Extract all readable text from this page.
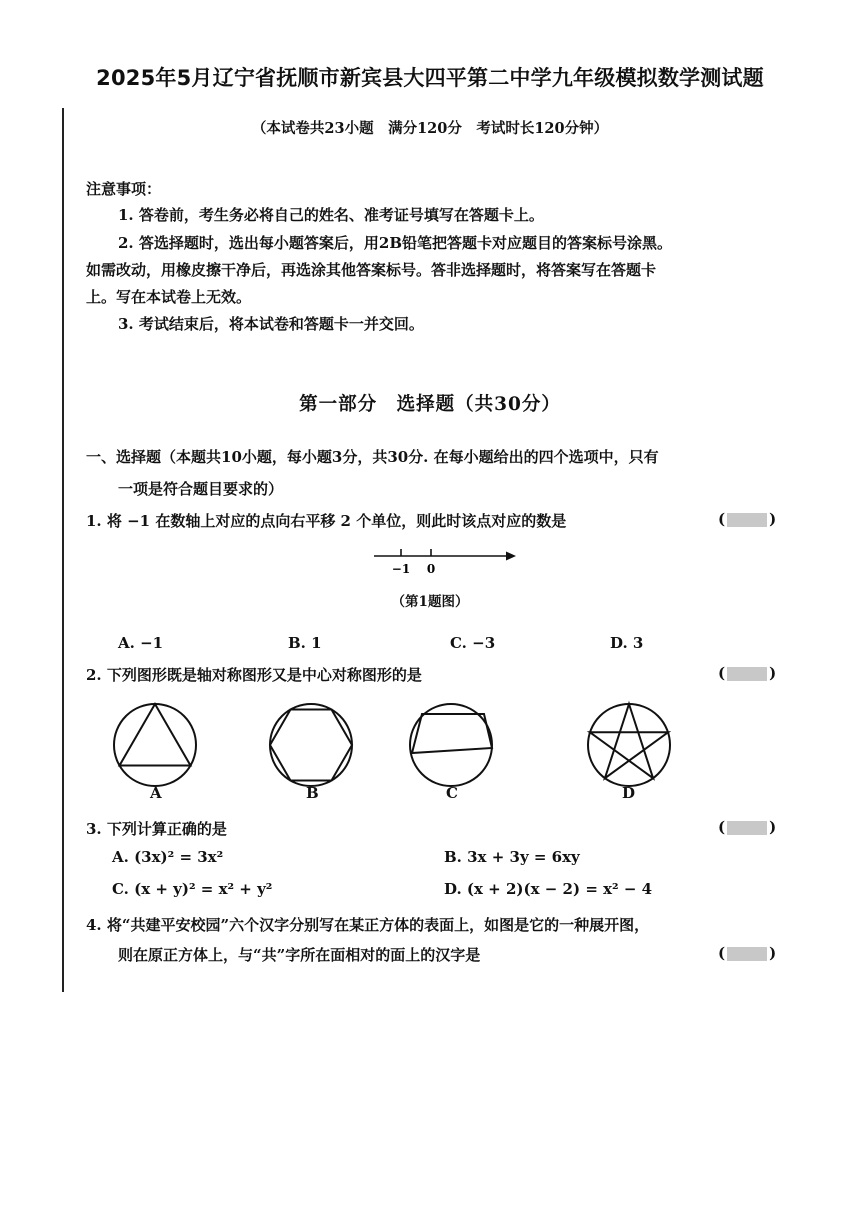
2025年5月辽宁省抚顺市新宾县大四平第二中学九年级模拟数学测试题
（本试卷共23小题　满分120分　考试时长120分钟）
注意事项：
1. 答卷前，考生务必将自己的姓名、准考证号填写在答题卡上。
2. 答选择题时，选出每小题答案后，用2B铅笔把答题卡对应题目的答案标号涂黑。
如需改动，用橡皮擦干净后，再选涂其他答案标号。答非选择题时，将答案写在答题卡
上。写在本试卷上无效。
3. 考试结束后，将本试卷和答题卡一并交回。
第一部分　选择题（共30分）
一、选择题（本题共10小题，每小题3分，共30分. 在每小题给出的四个选项中，只有
一项是符合题目要求的）
1. 将 −1 在数轴上对应的点向右平移 2 个单位，则此时该点对应的数是	(	)
−1 0
（第1题图）
A. −1	B. 1	C. −3	D. 3
2. 下列图形既是轴对称图形又是中心对称图形的是	(	)
A	B	C	D
3. 下列计算正确的是	(	)
A. (3x)² = 3x²	B. 3x + 3y = 6xy
C. (x + y)² = x² + y²	D. (x + 2)(x − 2) = x² − 4
4. 将“共建平安校园”六个汉字分别写在某正方体的表面上，如图是它的一种展开图，
则在原正方体上，与“共”字所在面相对的面上的汉字是	(	)
